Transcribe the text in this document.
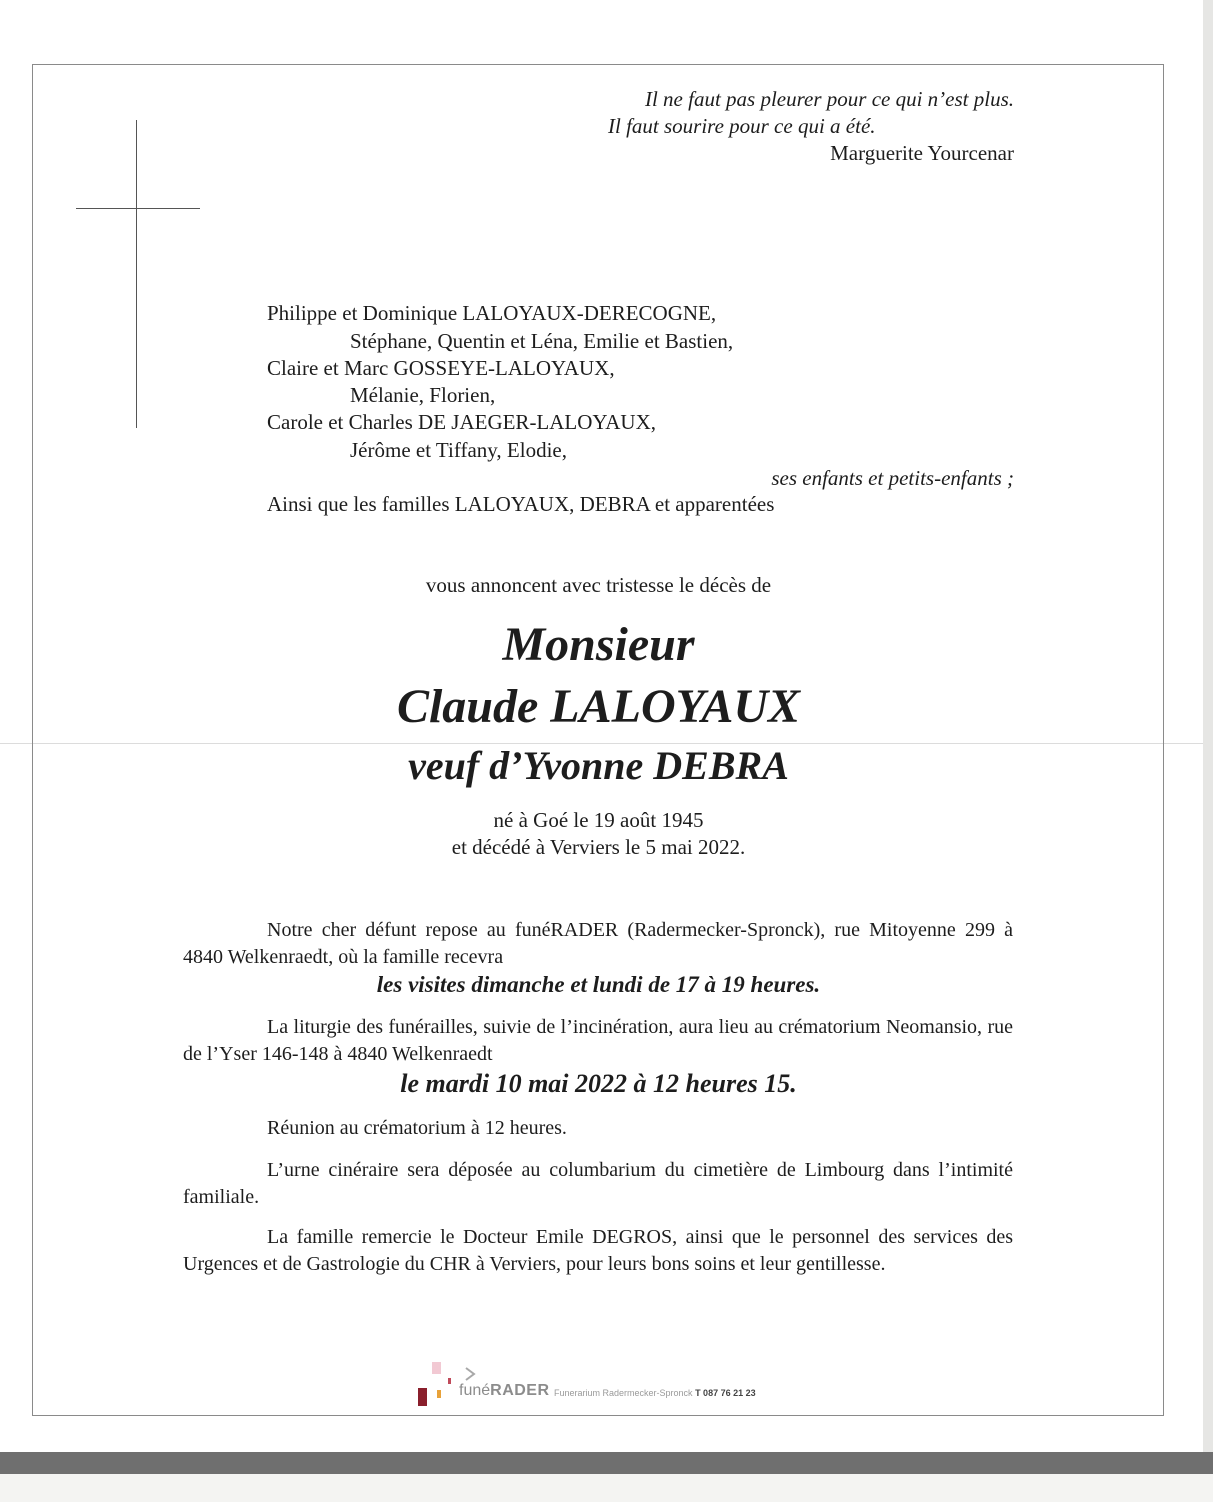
Il ne faut pas pleurer pour ce qui n’est plus.
Il faut sourire pour ce qui a été.
Marguerite Yourcenar
Philippe et Dominique LALOYAUX-DERECOGNE,
Stéphane, Quentin et Léna, Emilie et Bastien,
Claire et Marc GOSSEYE-LALOYAUX,
Mélanie, Florien,
Carole et Charles DE JAEGER-LALOYAUX,
Jérôme et Tiffany, Elodie,
ses enfants et petits-enfants ;
Ainsi que les familles LALOYAUX, DEBRA et apparentées
vous annoncent avec tristesse le décès de
Monsieur
Claude LALOYAUX
veuf d’Yvonne DEBRA
né à Goé le 19 août 1945
et décédé à Verviers le 5 mai 2022.
Notre cher défunt repose au funéRADER (Radermecker-Spronck), rue Mitoyenne 299 à 4840 Welkenraedt, où la famille recevra
les visites dimanche et lundi de 17 à 19 heures.
La liturgie des funérailles, suivie de l’incinération, aura lieu au crématorium Neomansio, rue de l’Yser 146-148 à 4840 Welkenraedt
le mardi 10 mai 2022 à 12 heures 15.
Réunion au crématorium à 12 heures.
L’urne cinéraire sera déposée au columbarium du cimetière de Limbourg dans l’intimité familiale.
La famille remercie le Docteur Emile DEGROS, ainsi que le personnel des services des Urgences et de Gastrologie du CHR à Verviers, pour leurs bons soins et leur gentillesse.
funéRADER Funerarium Radermecker-Spronck T 087 76 21 23
